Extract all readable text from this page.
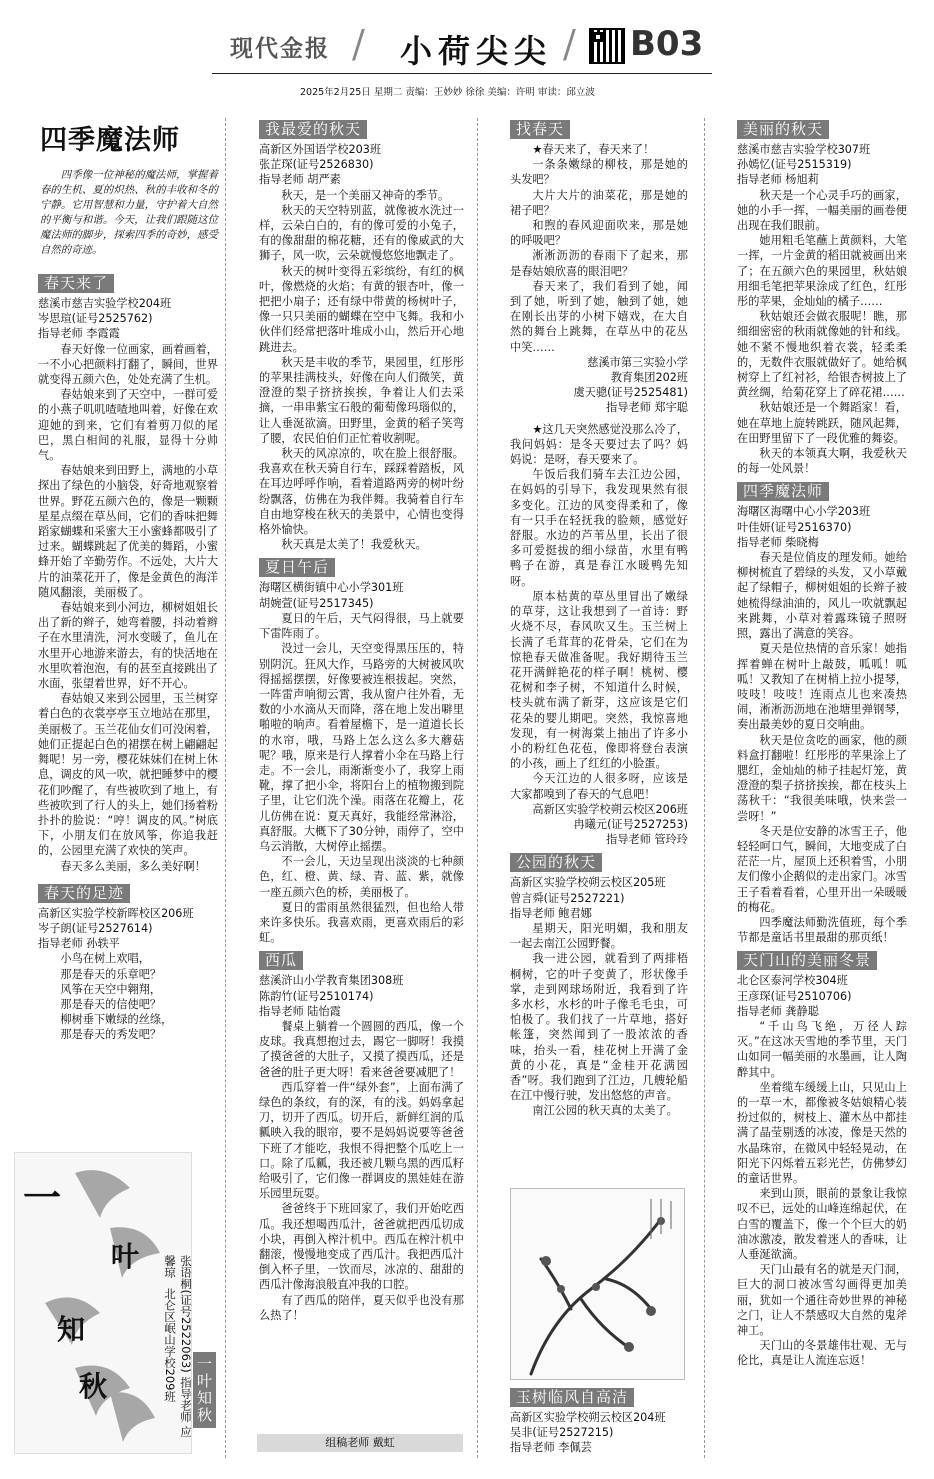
现代金报 / 小荷尖尖 / B03
2025年2月25日 星期二 责编：王妙妙 徐徐 美编：许明 审读：邱立波
四季魔法师
四季像一位神秘的魔法师，掌握着春的生机、夏的炽热、秋的丰收和冬的宁静。它用智慧和力量，守护着大自然的平衡与和谐。今天，让我们跟随这位魔法师的脚步，探索四季的奇妙，感受自然的奇迹。
春天来了

慈溪市慈吉实验学校204班

岑思瑄(证号2525762)

指导老师 李霞霞

春天好像一位画家，画着画着，一不小心把颜料打翻了，瞬间，世界就变得五颜六色，处处充满了生机。

春姑娘来到了天空中，一群可爱的小燕子叽叽喳喳地叫着，好像在欢迎她的到来，它们有着剪刀似的尾巴，黑白相间的礼服，显得十分帅气。

春姑娘来到田野上，满地的小草探出了绿色的小脑袋，好奇地观察着世界。野花五颜六色的，像是一颗颗星星点缀在草丛间，它们的香味把舞蹈家蝴蝶和采蜜大王小蜜蜂都吸引了过来。蝴蝶跳起了优美的舞蹈，小蜜蜂开始了辛勤劳作。不远处，大片大片的油菜花开了，像是金黄色的海洋随风翻滚，美丽极了。

春姑娘来到小河边，柳树姐姐长出了新的辫子，她弯着腰，抖动着辫子在水里清洗，河水变暖了，鱼儿在水里开心地游来游去，有的快活地在水里吹着泡泡，有的甚至直接跳出了水面，张望着世界，好不开心。

春姑娘又来到公园里，玉兰树穿着白色的衣裳亭亭玉立地站在那里，美丽极了。玉兰花仙女们可没闲着，她们正提起白色的裙摆在树上翩翩起舞呢！另一旁，樱花妹妹们在树上休息，调皮的风一吹，就把睡梦中的樱花们吵醒了，有些被吹到了地上，有些被吹到了行人的头上，她们扬着粉扑扑的脸说：“哼！调皮的风。”树底下，小朋友们在放风筝，你追我赶的，公园里充满了欢快的笑声。

春天多么美丽，多么美好啊！

春天的足迹

高新区实验学校新晖校区206班

岑子朗(证号2527614)

指导老师 孙轶平

小鸟在树上欢唱，

那是春天的乐章吧？

风筝在天空中翱翔，

那是春天的信使吧？

柳树垂下嫩绿的丝绦，

那是春天的秀发吧？

一
叶
知
秋	张语桐(证号2522063) 指导老师 应馨琼 北仑区岷山学校209班	一叶知秋
我最爱的秋天

高新区外国语学校203班

张芷琛(证号2526830)

指导老师 胡严素

秋天，是一个美丽又神奇的季节。

秋天的天空特别蓝，就像被水洗过一样，云朵白白的，有的像可爱的小兔子，有的像甜甜的棉花糖，还有的像威武的大狮子，风一吹，云朵就慢悠悠地飘走了。

秋天的树叶变得五彩缤纷，有红的枫叶，像燃烧的火焰；有黄的银杏叶，像一把把小扇子；还有绿中带黄的杨树叶子，像一只只美丽的蝴蝶在空中飞舞。我和小伙伴们经常把落叶堆成小山，然后开心地跳进去。

秋天是丰收的季节，果园里，红彤彤的苹果挂满枝头，好像在向人们微笑，黄澄澄的梨子挤挤挨挨，争着让人们去采摘，一串串紫宝石般的葡萄像玛瑙似的，让人垂涎欲滴。田野里，金黄的稻子笑弯了腰，农民伯伯们正忙着收割呢。

秋天的风凉凉的，吹在脸上很舒服。我喜欢在秋天骑自行车，踩踩着踏板，风在耳边呼呼作响，看着道路两旁的树叶纷纷飘落，仿佛在为我伴舞。我骑着自行车自由地穿梭在秋天的美景中，心情也变得格外愉快。

秋天真是太美了！我爱秋天。

夏日午后

海曙区横街镇中心小学301班

胡婉萱(证号2517345)

夏日的午后，天气闷得很，马上就要下雷阵雨了。

没过一会儿，天空变得黑压压的，特别阴沉。狂风大作，马路旁的大树被风吹得摇摇摆摆，好像要被连根拔起。突然，一阵雷声响彻云霄，我从窗户往外看，无数的小水滴从天而降，落在地上发出噼里啪啦的响声。看着屋檐下，是一道道长长的水帘，哦，马路上怎么这么多大蘑菇呢？哦，原来是行人撑着小伞在马路上行走。不一会儿，雨渐渐变小了，我穿上雨靴，撑了把小伞，将阳台上的植物搬到院子里，让它们洗个澡。雨落在花瓣上，花儿仿佛在说：夏天真好，我能经常淋浴，真舒服。大概下了30分钟，雨停了，空中乌云消散，大树停止摇摆。

不一会儿，天边呈现出淡淡的七种颜色，红、橙、黄、绿、青、蓝、紫，就像一座五颜六色的桥，美丽极了。

夏日的雷雨虽然很猛烈，但也给人带来许多快乐。我喜欢雨，更喜欢雨后的彩虹。

西瓜

慈溪浒山小学教育集团308班

陈韵竹(证号2510174)

指导老师 陆怡霞

餐桌上躺着一个圆圆的西瓜，像一个皮球。我真想抱过去，踢它一脚呀！我摸了摸爸爸的大肚子，又摸了摸西瓜，还是爸爸的肚子更大呀！看来爸爸要减肥了！

西瓜穿着一件“绿外套”，上面布满了绿色的条纹，有的深，有的浅。妈妈拿起刀，切开了西瓜。切开后，新鲜红润的瓜瓤映入我的眼帘，要不是妈妈说要等爸爸下班了才能吃，我恨不得把整个瓜吃上一口。除了瓜瓤，我还被几颗乌黑的西瓜籽给吸引了，它们像一群调皮的黑娃娃在游乐园里玩耍。

爸爸终于下班回家了，我们开始吃西瓜。我还想喝西瓜汁，爸爸就把西瓜切成小块，再倒入榨汁机中。西瓜在榨汁机中翻滚，慢慢地变成了西瓜汁。我把西瓜汁倒入杯子里，一饮而尽，冰凉的、甜甜的西瓜汁像海浪般直冲我的口腔。

有了西瓜的陪伴，夏天似乎也没有那么热了！

组稿老师 戴虹
找春天

★春天来了，春天来了！

一条条嫩绿的柳枝，那是她的头发吧？

大片大片的油菜花，那是她的裙子吧？

和煦的春风迎面吹来，那是她的呼吸吧？

淅淅沥沥的春雨下了起来，那是春姑娘欣喜的眼泪吧？

春天来了，我们看到了她，闻到了她，听到了她，触到了她，她在刚长出芽的小树下嬉戏，在大自然的舞台上跳舞，在草丛中的花丛中笑……

慈溪市第三实验小学

教育集团202班

虞天骢(证号2525481)

指导老师 郑宇聪

★这几天突然感觉没那么冷了，我问妈妈：是冬天要过去了吗？妈妈说：是呀，春天要来了。

午饭后我们骑车去江边公园，在妈妈的引导下，我发现果然有很多变化。江边的风变得柔和了，像有一只手在轻抚我的脸颊，感觉好舒服。水边的芦苇丛里，长出了很多可爱挺拔的细小绿苗，水里有鸭鸭子在游，真是春江水暖鸭先知呀。

原本枯黄的草丛里冒出了嫩绿的草芽，这让我想到了一首诗：野火烧不尽，春风吹又生。玉兰树上长满了毛茸茸的花骨朵，它们在为惊艳春天做准备呢。我好期待玉兰花开满鲜艳花的样子啊！桃树、樱花树和李子树，不知道什么时候，枝头就布满了新芽，这应该是它们花朵的婴儿期吧。突然，我惊喜地发现，有一树海棠上抽出了许多小小的粉红色花苞，像即将登台表演的小孩，画上了红红的小脸蛋。

今天江边的人很多呀，应该是大家都嗅到了春天的气息吧！

高新区实验学校朔云校区206班

冉曦元(证号2527253)

指导老师 管玲玲

公园的秋天

高新区实验学校朔云校区205班

曾言舜(证号2527221)

指导老师 鲍君娜

星期天，阳光明媚，我和朋友一起去南江公园野餐。

我一进公园，就看到了两排梧桐树，它的叶子变黄了，形状像手掌，走到网球场附近，我看到了许多水杉，水杉的叶子像毛毛虫，可怕极了。我们找了一片草地，搭好帐篷，突然闻到了一股浓浓的香味，抬头一看，桂花树上开满了金黄的小花，真是“金桂开花满园香”呀。我们跑到了江边，几艘轮船在江中慢行驶，发出悠悠的声音。

南江公园的秋天真的太美了。

玉树临风自高洁

高新区实验学校朔云校区204班

吴非(证号2527215)

指导老师 李佩芸

美丽的秋天

慈溪市慈吉实验学校307班

孙嫣忆(证号2515319)

指导老师 杨旭莉

秋天是一个心灵手巧的画家，她的小手一挥，一幅美丽的画卷便出现在我们眼前。

她用粗毛笔蘸上黄颜料，大笔一挥，一片金黄的稻田就被画出来了；在五颜六色的果园里，秋姑娘用细毛笔把苹果涂成了红色，红彤彤的苹果，金灿灿的橘子……

秋姑娘还会做衣服呢！瞧，那细细密密的秋雨就像她的针和线。她不紧不慢地织着衣裳，轻柔柔的，无数件衣服就做好了。她给枫树穿上了红衬衫，给银杏树披上了黄丝绸，给菊花穿上了碎花裙……

秋姑娘还是一个舞蹈家！看，她在草地上旋转跳跃，随风起舞，在田野里留下了一段优雅的舞姿。

秋天的本领真大啊，我爱秋天的每一处风景！

四季魔法师

海曙区海曙中心小学203班

叶佳妍(证号2516370)

指导老师 柴晓梅

春天是位俏皮的理发师。她给柳树梳直了碧绿的头发，又小草戴起了绿帽子，柳树姐姐的长辫子被她梳得绿油油的，风儿一吹就飘起来跳舞，小草对着露珠镜子照呀照，露出了满意的笑容。

夏天是位热情的音乐家！她指挥着蝉在树叶上敲鼓，呱呱！呱呱！又教知了在树梢上拉小提琴，吱吱！吱吱！连雨点儿也来凑热闹，淅淅沥沥地在池塘里弹钢琴，奏出最美妙的夏日交响曲。

秋天是位贪吃的画家，他的颜料盒打翻啦！红彤彤的苹果涂上了腮红，金灿灿的柿子挂起灯笼，黄澄澄的梨子挤挤挨挨，都在枝头上荡秋千：“我很美味哦，快来尝一尝呀！”

冬天是位安静的冰雪王子，他轻轻呵口气，瞬间，大地变成了白茫茫一片，屋顶上还积着雪，小朋友们像小企鹅似的走出家门。冰雪王子看着看着，心里开出一朵暖暖的梅花。

四季魔法师勤洗值班，每个季节都是童话书里最甜的那页纸！

天门山的美丽冬景

北仑区泰河学校304班

王彦琛(证号2510706)

指导老师 龚静聪

“千山鸟飞绝，万径人踪灭。”在这冰天雪地的季节里，天门山如同一幅美丽的水墨画，让人陶醉其中。

坐着缆车缓缓上山，只见山上的一草一木，都像被冬姑娘精心装扮过似的，树枝上、灌木丛中都挂满了晶莹剔透的冰凌，像是天然的水晶珠帘，在微风中轻轻晃动，在阳光下闪烁着五彩光芒，仿佛梦幻的童话世界。

来到山顶，眼前的景象让我惊叹不已，远处的山峰连绵起伏，在白雪的覆盖下，像一个个巨大的奶油冰激凌，散发着迷人的香味，让人垂涎欲滴。

天门山最有名的就是天门洞，巨大的洞口被冰雪勾画得更加美丽，犹如一个通往奇妙世界的神秘之门，让人不禁感叹大自然的鬼斧神工。

天门山的冬景雄伟壮观、无与伦比，真是让人流连忘返！
